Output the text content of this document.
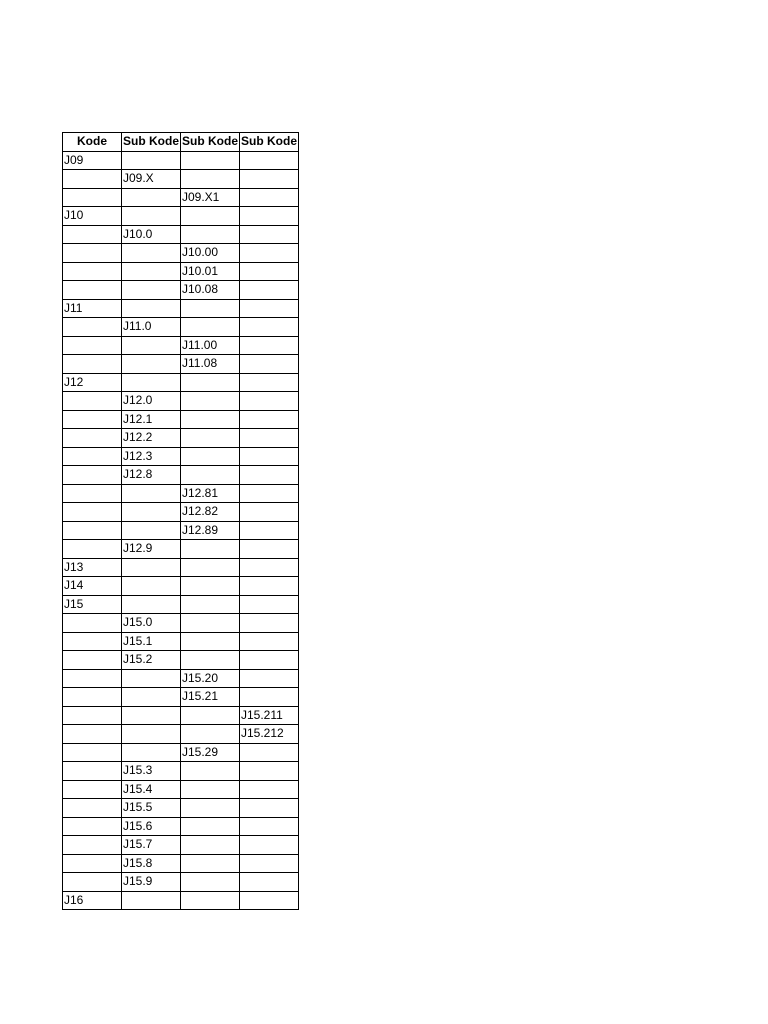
Kode	Sub Kode	Sub Kode	Sub Kode
J09			
	J09.X		
		J09.X1	
J10			
	J10.0		
		J10.00	
		J10.01	
		J10.08	
J11			
	J11.0		
		J11.00	
		J11.08	
J12			
	J12.0		
	J12.1		
	J12.2		
	J12.3		
	J12.8		
		J12.81	
		J12.82	
		J12.89	
	J12.9		
J13			
J14			
J15			
	J15.0		
	J15.1		
	J15.2		
		J15.20	
		J15.21	
			J15.211
			J15.212
		J15.29	
	J15.3		
	J15.4		
	J15.5		
	J15.6		
	J15.7		
	J15.8		
	J15.9		
J16			
